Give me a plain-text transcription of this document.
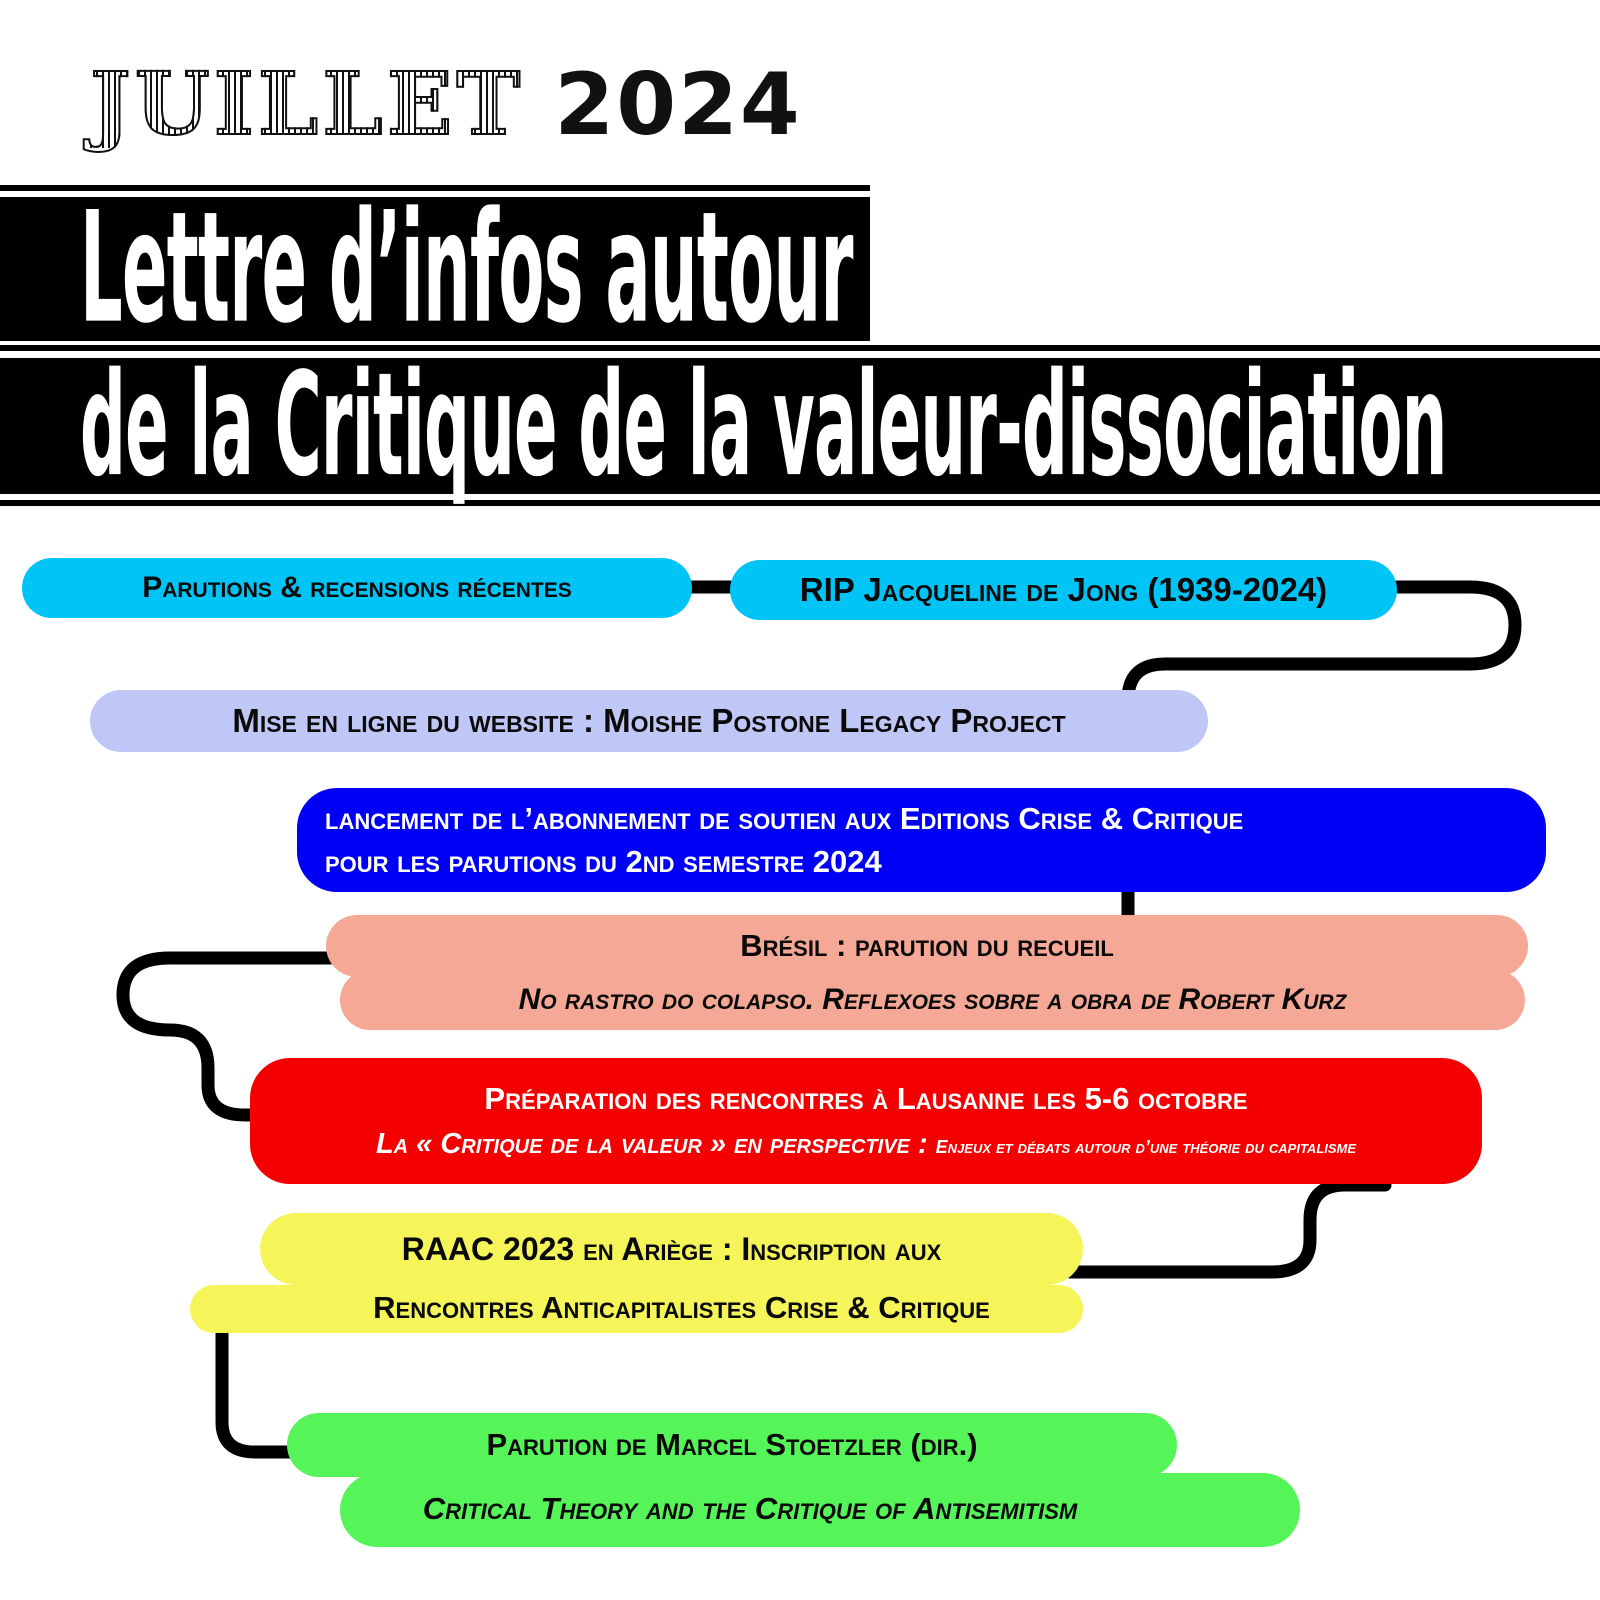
JUILLET 2024
Lettre d’infos autour
de la Critique de la valeur-dissociation
Parutions & recensions récentes	RIP Jacqueline de Jong (1939-2024)
Mise en ligne du website : Moishe Postone Legacy Project
lancement de l’abonnement de soutien aux Editions Crise & Critique
pour les parutions du 2nd semestre 2024
Brésil : parution du recueil
No rastro do colapso. Reflexoes sobre a obra de Robert Kurz
Préparation des rencontres à Lausanne les 5-6 octobre
La « Critique de la valeur » en perspective : Enjeux et débats autour d’une théorie du capitalisme
RAAC 2023 en Ariège : Inscription aux
Rencontres Anticapitalistes Crise & Critique
Parution de Marcel Stoetzler (dir.)
Critical Theory and the Critique of Antisemitism
